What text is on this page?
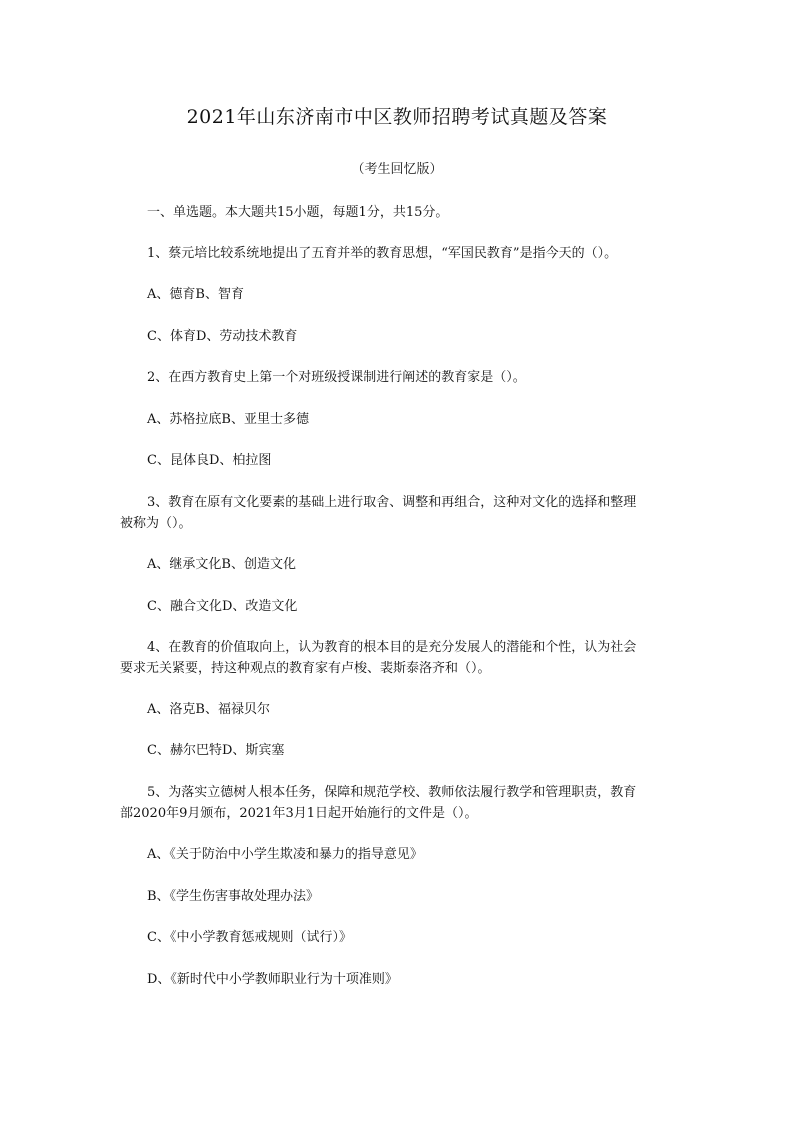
2021年山东济南市中区教师招聘考试真题及答案
（考生回忆版）
一、单选题。本大题共15小题，每题1分，共15分。
1、蔡元培比较系统地提出了五育并举的教育思想，“军国民教育”是指今天的（）。
A、德育B、智育
C、体育D、劳动技术教育
2、在西方教育史上第一个对班级授课制进行阐述的教育家是（）。
A、苏格拉底B、亚里士多德
C、昆体良D、柏拉图
3、教育在原有文化要素的基础上进行取舍、调整和再组合，这种对文化的选择和整理
被称为（）。
A、继承文化B、创造文化
C、融合文化D、改造文化
4、在教育的价值取向上，认为教育的根本目的是充分发展人的潜能和个性，认为社会
要求无关紧要，持这种观点的教育家有卢梭、裴斯泰洛齐和（）。
A、洛克B、福禄贝尔
C、赫尔巴特D、斯宾塞
5、为落实立德树人根本任务，保障和规范学校、教师依法履行教学和管理职责，教育
部2020年9月颁布，2021年3月1日起开始施行的文件是（）。
A、《关于防治中小学生欺凌和暴力的指导意见》
B、《学生伤害事故处理办法》
C、《中小学教育惩戒规则（试行）》
D、《新时代中小学教师职业行为十项准则》
